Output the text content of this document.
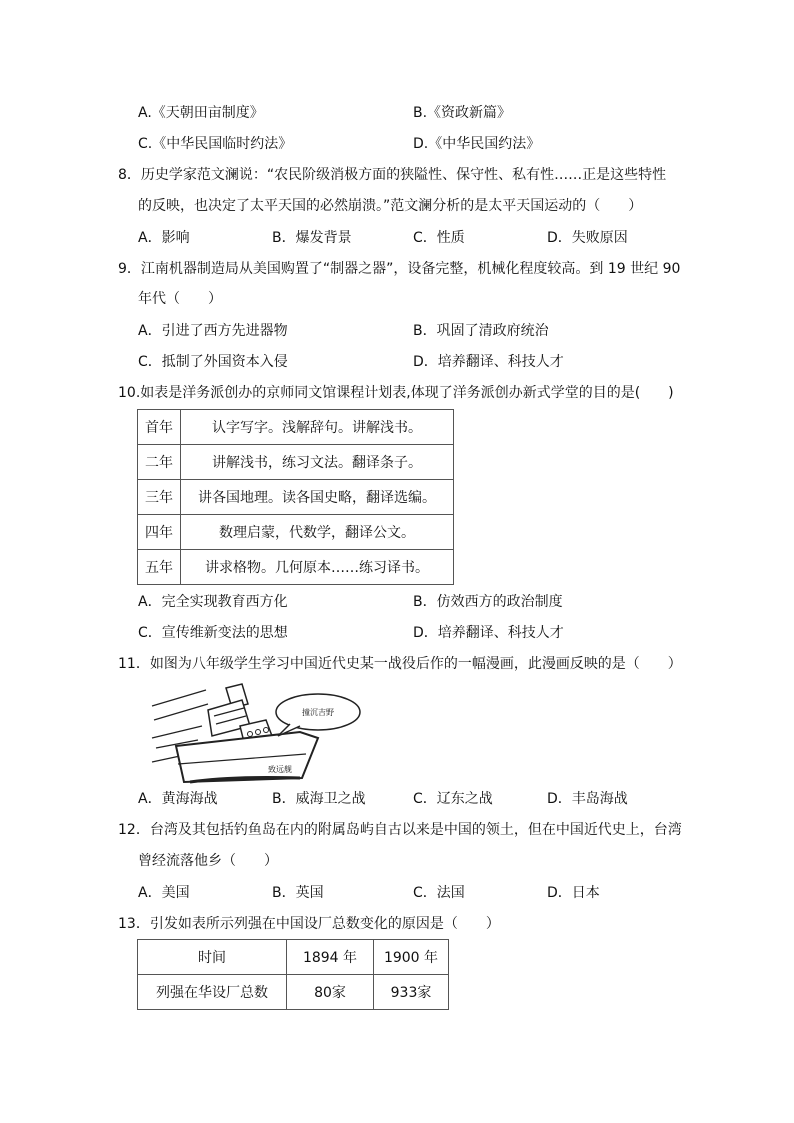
A.《天朝田亩制度》	B.《资政新篇》
C.《中华民国临时约法》	D.《中华民国约法》
8．历史学家范文澜说：“农民阶级消极方面的狭隘性、保守性、私有性……正是这些特性
的反映，也决定了太平天国的必然崩溃。”范文澜分析的是太平天国运动的（　　）
A．影响	B．爆发背景	C．性质	D．失败原因
9．江南机器制造局从美国购置了“制器之器”，设备完整，机械化程度较高。到 19 世纪 90
年代（　　）
A．引进了西方先进器物	B．巩固了清政府统治
C．抵制了外国资本入侵	D．培养翻译、科技人才
10.如表是洋务派创办的京师同文馆课程计划表,体现了洋务派创办新式学堂的目的是(　　)
首年	认字写字。浅解辞句。讲解浅书。
二年	讲解浅书，练习文法。翻译条子。
三年	讲各国地理。读各国史略，翻译选编。
四年	数理启蒙，代数学，翻译公文。
五年	讲求格物。几何原本……练习译书。
A．完全实现教育西方化	B．仿效西方的政治制度
C．宣传维新变法的思想	D．培养翻译、科技人才
11．如图为八年级学生学习中国近代史某一战役后作的一幅漫画，此漫画反映的是（　　）
致远舰
撞沉吉野
A．黄海海战	B．威海卫之战	C．辽东之战	D．丰岛海战
12．台湾及其包括钓鱼岛在内的附属岛屿自古以来是中国的领土，但在中国近代史上，台湾
曾经流落他乡（　　）
A．美国	B．英国	C．法国	D．日本
13．引发如表所示列强在中国设厂总数变化的原因是（　　）
时间	1894 年	1900 年
列强在华设厂总数	80家	933家
